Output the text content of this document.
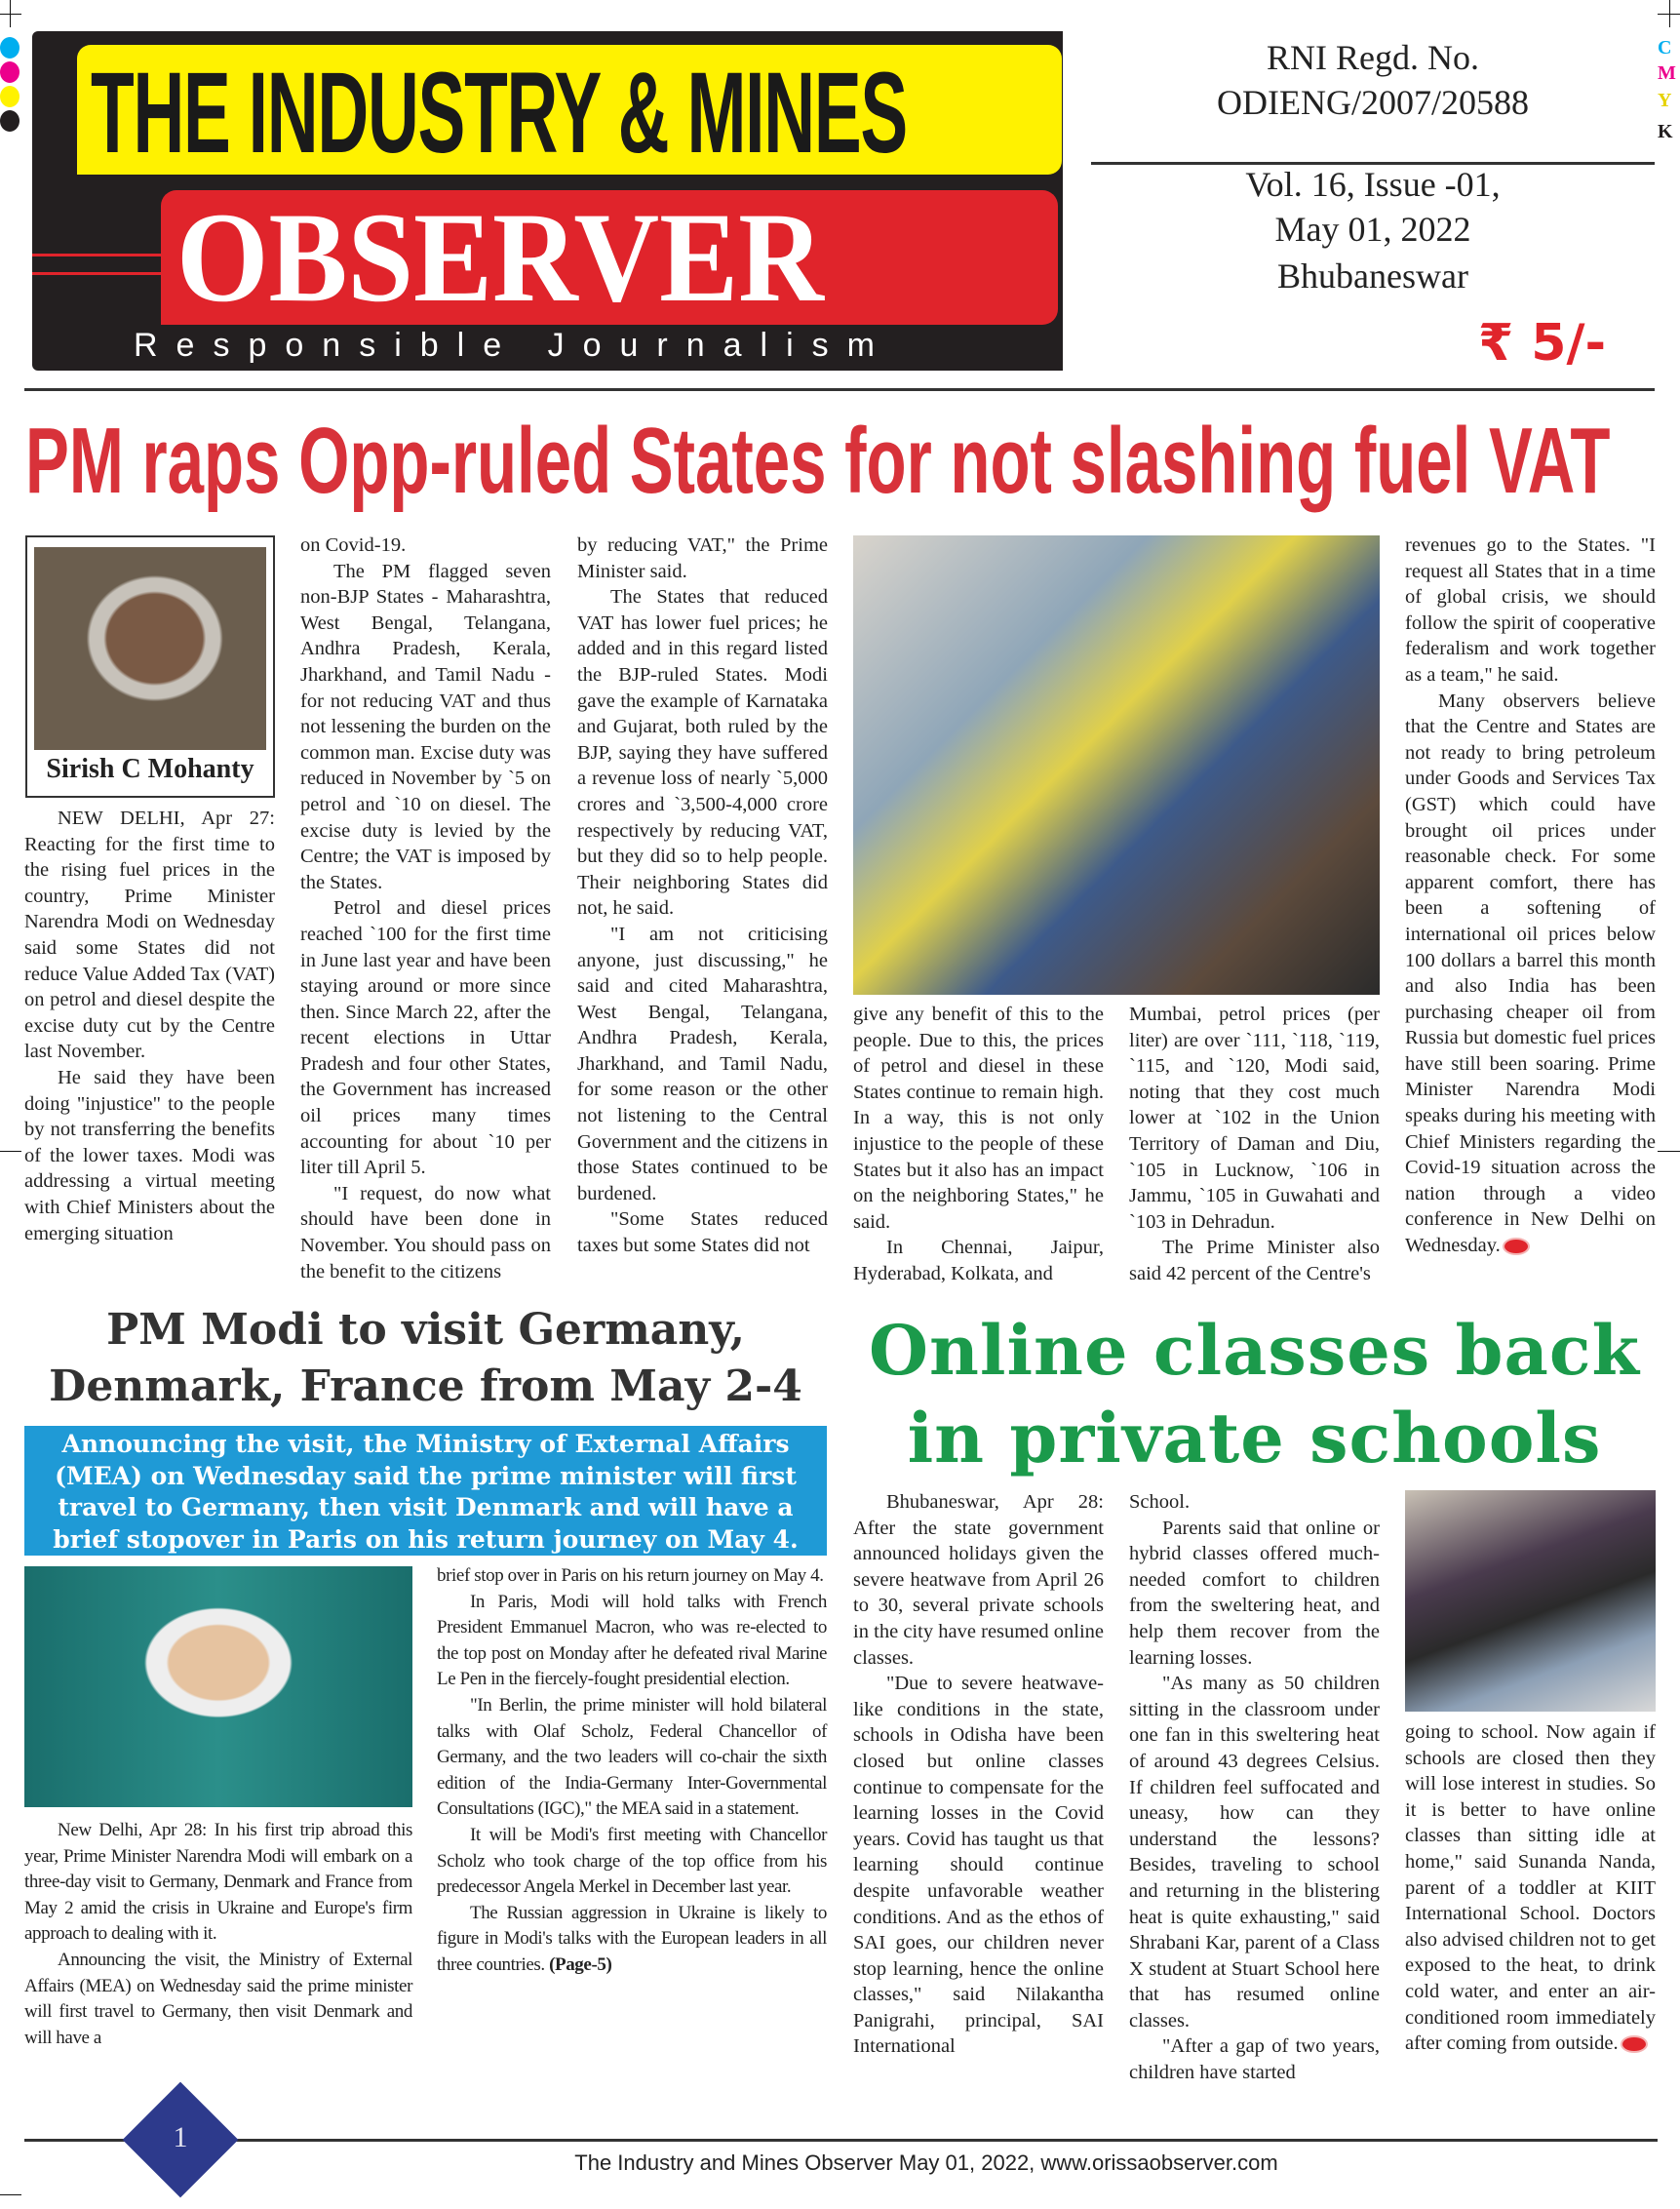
C
M
Y
K
THE INDUSTRY & MINES
OBSERVER
Responsible Journalism
RNI Regd. No.
ODIENG/2007/20588
Vol. 16, Issue -01,
May 01, 2022
Bhubaneswar
₹ 5/-
PM raps Opp-ruled States for not slashing fuel VAT
Sirish C Mohanty

NEW DELHI, Apr 27: Reacting for the first time to the rising fuel prices in the country, Prime Minister Narendra Modi on Wednesday said some States did not reduce Value Added Tax (VAT) on petrol and diesel despite the excise duty cut by the Centre last November.

He said they have been doing "injustice" to the people by not transferring the benefits of the lower taxes. Modi was addressing a virtual meeting with Chief Ministers about the emerging situation

on Covid-19.

The PM flagged seven non-BJP States - Maharashtra, West Bengal, Telangana, Andhra Pradesh, Kerala, Jharkhand, and Tamil Nadu - for not reducing VAT and thus not lessening the burden on the common man. Excise duty was reduced in November by `5 on petrol and `10 on diesel. The excise duty is levied by the Centre; the VAT is imposed by the States.

Petrol and diesel prices reached `100 for the first time in June last year and have been staying around or more since then. Since March 22, after the recent elections in Uttar Pradesh and four other States, the Government has increased oil prices many times accounting for about `10 per liter till April 5.

"I request, do now what should have been done in November. You should pass on the benefit to the citizens

by reducing VAT," the Prime Minister said.

The States that reduced VAT has lower fuel prices; he added and in this regard listed the BJP-ruled States. Modi gave the example of Karnataka and Gujarat, both ruled by the BJP, saying they have suffered a revenue loss of nearly `5,000 crores and `3,500-4,000 crore respectively by reducing VAT, but they did so to help people. Their neighboring States did not, he said.

"I am not criticising anyone, just discussing," he said and cited Maharashtra, West Bengal, Telangana, Andhra Pradesh, Kerala, Jharkhand, and Tamil Nadu, for some reason or the other not listening to the Central Government and the citizens in those States continued to be burdened.

"Some States reduced taxes but some States did not

give any benefit of this to the people. Due to this, the prices of petrol and diesel in these States continue to remain high. In a way, this is not only injustice to the people of these States but it also has an impact on the neighboring States," he said.

In Chennai, Jaipur, Hyderabad, Kolkata, and

Mumbai, petrol prices (per liter) are over `111, `118, `119, `115, and `120, Modi said, noting that they cost much lower at `102 in the Union Territory of Daman and Diu, `105 in Lucknow, `106 in Jammu, `105 in Guwahati and `103 in Dehradun.

The Prime Minister also said 42 percent of the Centre's

revenues go to the States. "I request all States that in a time of global crisis, we should follow the spirit of cooperative federalism and work together as a team," he said.

Many observers believe that the Centre and States are not ready to bring petroleum under Goods and Services Tax (GST) which could have brought oil prices under reasonable check. For some apparent comfort, there has been a softening of international oil prices below 100 dollars a barrel this month and also India has been purchasing cheaper oil from Russia but domestic fuel prices have still been soaring. Prime Minister Narendra Modi speaks during his meeting with Chief Ministers regarding the Covid-19 situation across the nation through a video conference in New Delhi on Wednesday.

PM Modi to visit Germany,
Denmark, France from May 2-4
Announcing the visit, the Ministry of External Affairs (MEA) on Wednesday said the prime minister will first travel to Germany, then visit Denmark and will have a brief stopover in Paris on his return journey on May 4.

New Delhi, Apr 28: In his first trip abroad this year, Prime Minister Narendra Modi will embark on a three-day visit to Germany, Denmark and France from May 2 amid the crisis in Ukraine and Europe's firm approach to dealing with it.

Announcing the visit, the Ministry of External Affairs (MEA) on Wednesday said the prime minister will first travel to Germany, then visit Denmark and will have a

brief stop over in Paris on his return journey on May 4.

In Paris, Modi will hold talks with French President Emmanuel Macron, who was re-elected to the top post on Monday after he defeated rival Marine Le Pen in the fiercely-fought presidential election.

"In Berlin, the prime minister will hold bilateral talks with Olaf Scholz, Federal Chancellor of Germany, and the two leaders will co-chair the sixth edition of the India-Germany Inter-Governmental Consultations (IGC)," the MEA said in a statement.

It will be Modi's first meeting with Chancellor Scholz who took charge of the top office from his predecessor Angela Merkel in December last year.

The Russian aggression in Ukraine is likely to figure in Modi's talks with the European leaders in all three countries. (Page-5)

Online classes back
in private schools

Bhubaneswar, Apr 28: After the state government announced holidays given the severe heatwave from April 26 to 30, several private schools in the city have resumed online classes.

"Due to severe heatwave-like conditions in the state, schools in Odisha have been closed but online classes continue to compensate for the learning losses in the Covid years. Covid has taught us that learning should continue despite unfavorable weather conditions. And as the ethos of SAI goes, our children never stop learning, hence the online classes," said Nilakantha Panigrahi, principal, SAI International

School.

Parents said that online or hybrid classes offered much-needed comfort to children from the sweltering heat, and help them recover from the learning losses.

"As many as 50 children sitting in the classroom under one fan in this sweltering heat of around 43 degrees Celsius. If children feel suffocated and uneasy, how can they understand the lessons? Besides, traveling to school and returning in the blistering heat is quite exhausting," said Shrabani Kar, parent of a Class X student at Stuart School here that has resumed online classes.

"After a gap of two years, children have started

going to school. Now again if schools are closed then they will lose interest in studies. So it is better to have online classes than sitting idle at home," said Sunanda Nanda, parent of a toddler at KIIT International School. Doctors also advised children not to get exposed to the heat, to drink cold water, and enter an air-conditioned room immediately after coming from outside.

1
The Industry and Mines Observer May 01, 2022, www.orissaobserver.com
